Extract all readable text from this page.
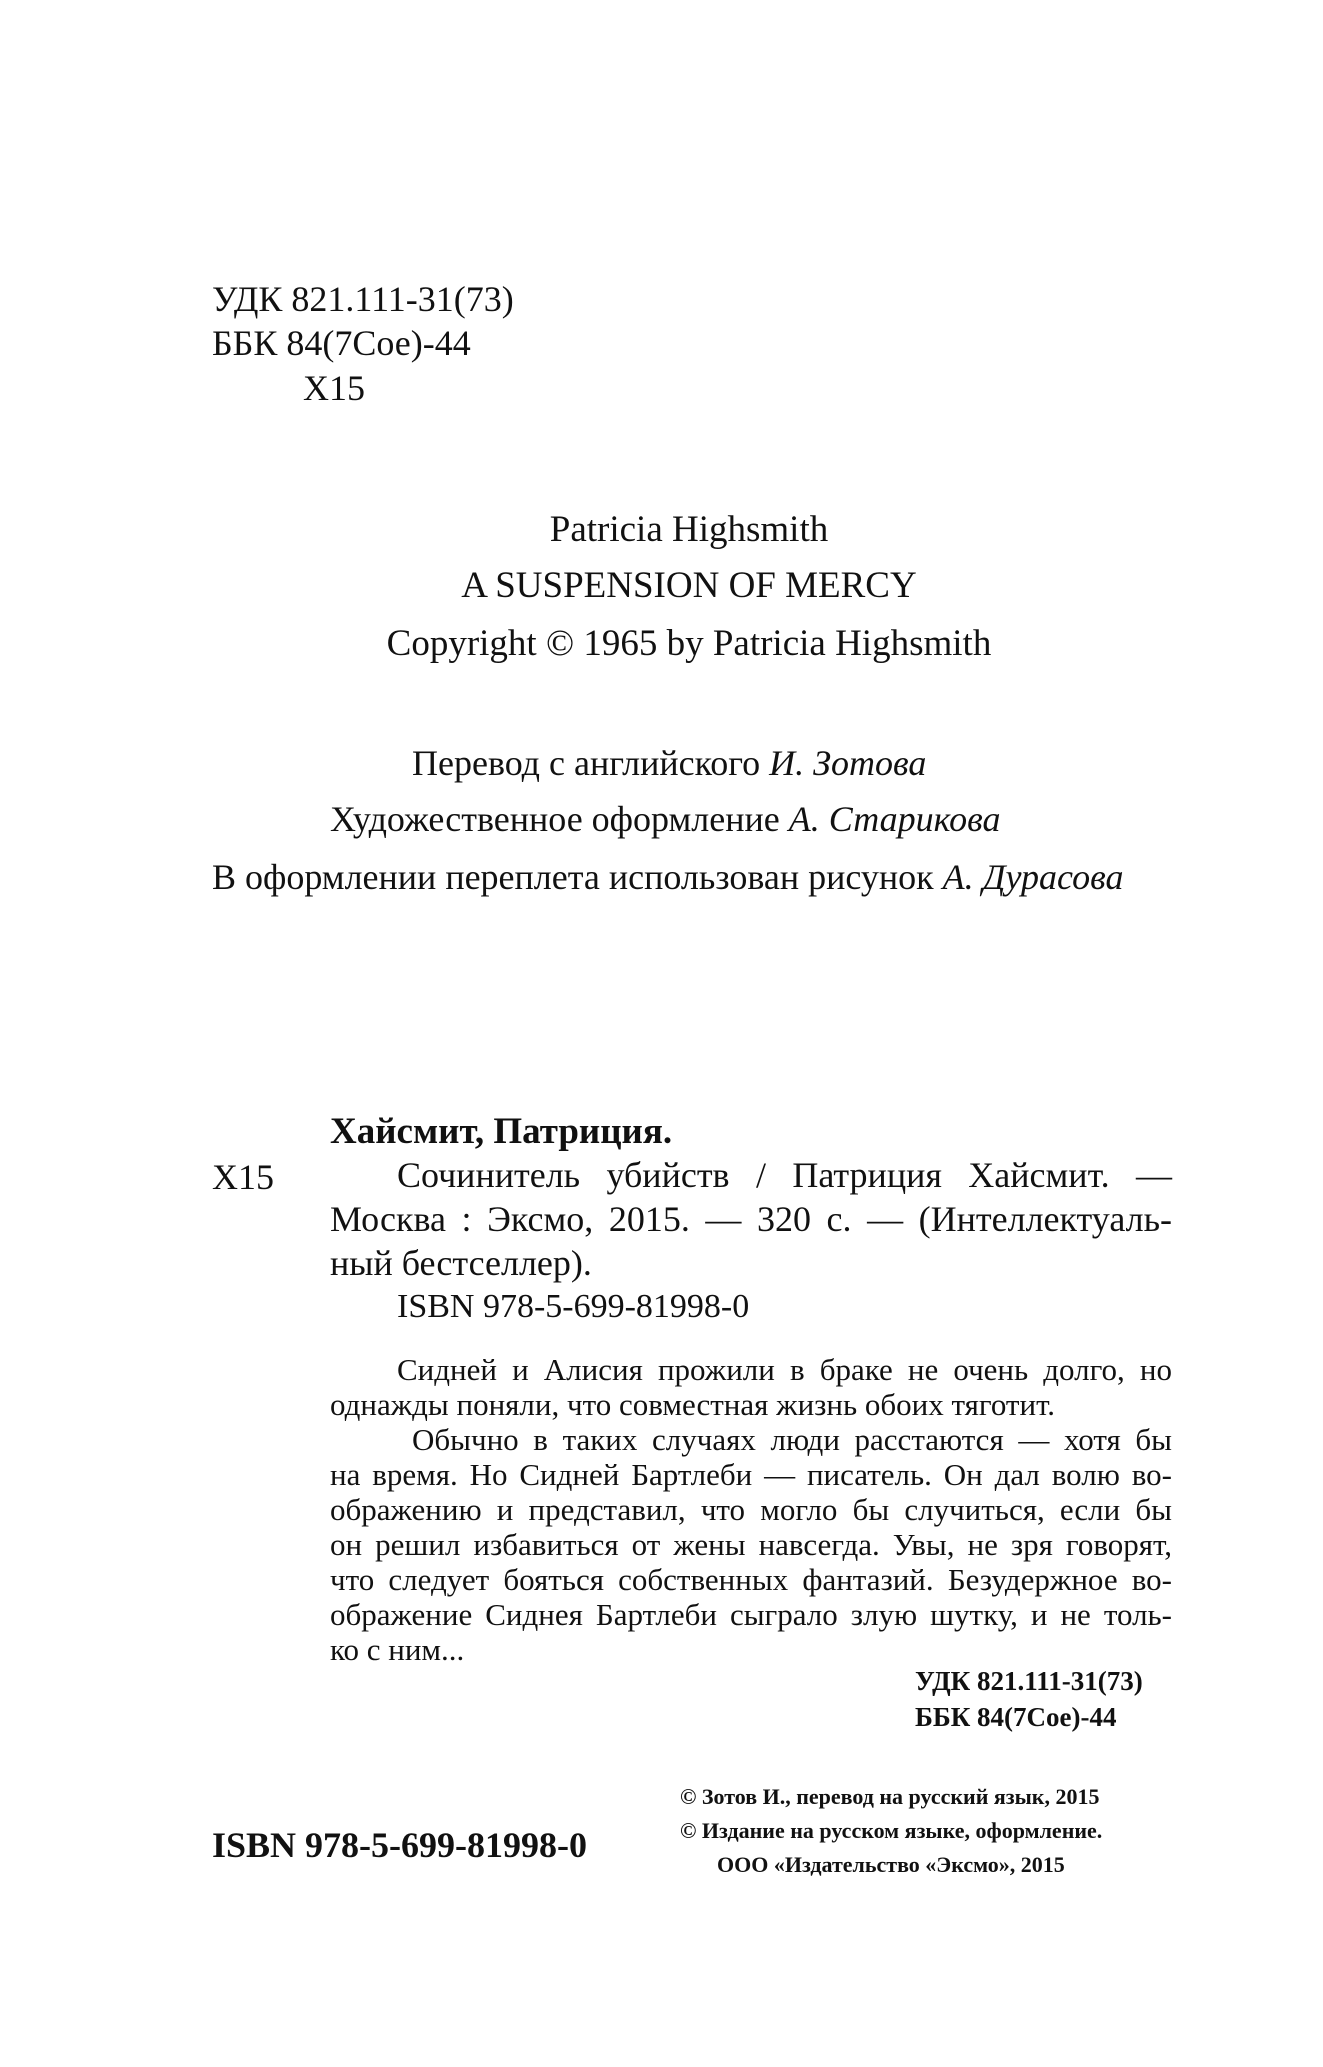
УДК 821.111-31(73)
ББК 84(7Сое)-44
Х15
Patricia Highsmith
A SUSPENSION OF MERCY
Copyright © 1965 by Patricia Highsmith
Перевод с английского И. Зотова
Художественное оформление А. Старикова
В оформлении переплета использован рисунок А. Дурасова
Хайсмит, Патриция.
Х15	Сочинитель убийств / Патриция Хайсмит. —
Москва : Эксмо, 2015. — 320 с. — (Интеллектуаль-
ный бестселлер).
ISBN 978-5-699-81998-0
Сидней и Алисия прожили в браке не очень долго, но
однажды поняли, что совместная жизнь обоих тяготит.
Обычно в таких случаях люди расстаются — хотя бы
на время. Но Сидней Бартлеби — писатель. Он дал волю во-
ображению и представил, что могло бы случиться, если бы
он решил избавиться от жены навсегда. Увы, не зря говорят,
что следует бояться собственных фантазий. Безудержное во-
ображение Сиднея Бартлеби сыграло злую шутку, и не толь-
ко с ним...
УДК 821.111-31(73)
ББК 84(7Сое)-44
© Зотов И., перевод на русский язык, 2015
© Издание на русском языке, оформление.
ООО «Издательство «Эксмо», 2015
ISBN 978-5-699-81998-0
